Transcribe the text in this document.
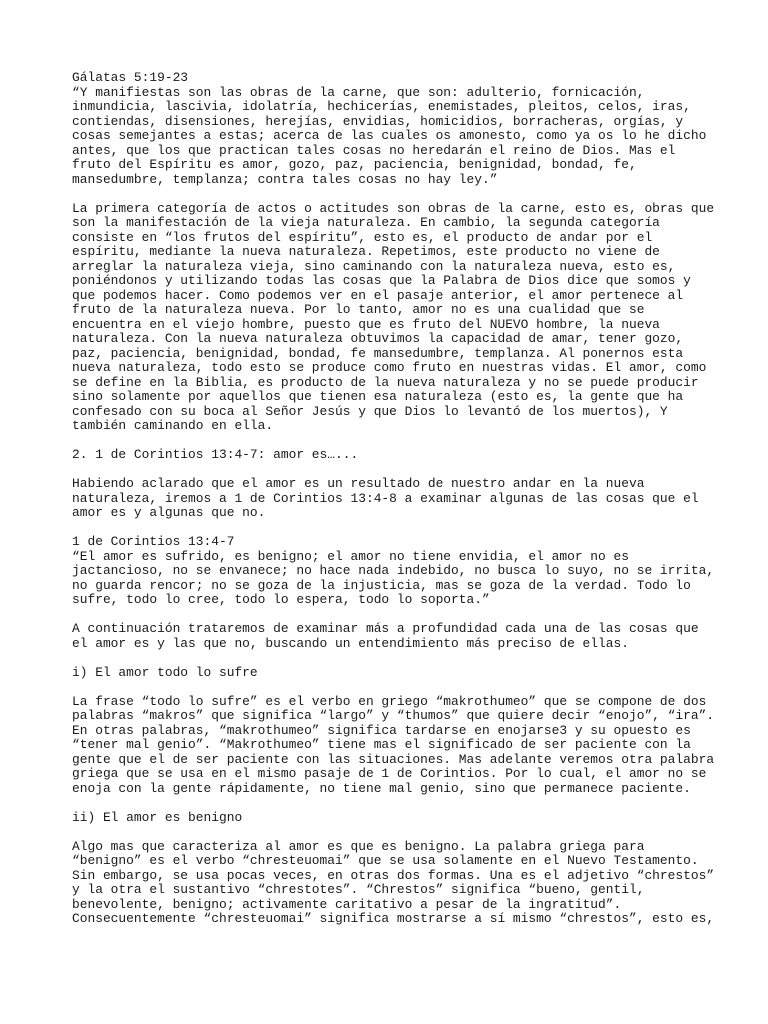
Gálatas 5:19-23
“Y manifiestas son las obras de la carne, que son: adulterio, fornicación,
inmundicia, lascivia, idolatría, hechicerías, enemistades, pleitos, celos, iras,
contiendas, disensiones, herejías, envidias, homicidios, borracheras, orgías, y
cosas semejantes a estas; acerca de las cuales os amonesto, como ya os lo he dicho
antes, que los que practican tales cosas no heredarán el reino de Dios. Mas el
fruto del Espíritu es amor, gozo, paz, paciencia, benignidad, bondad, fe,
mansedumbre, templanza; contra tales cosas no hay ley.”
La primera categoría de actos o actitudes son obras de la carne, esto es, obras que
son la manifestación de la vieja naturaleza. En cambio, la segunda categoría
consiste en “los frutos del espíritu”, esto es, el producto de andar por el
espíritu, mediante la nueva naturaleza. Repetimos, este producto no viene de
arreglar la naturaleza vieja, sino caminando con la naturaleza nueva, esto es,
poniéndonos y utilizando todas las cosas que la Palabra de Dios dice que somos y
que podemos hacer. Como podemos ver en el pasaje anterior, el amor pertenece al
fruto de la naturaleza nueva. Por lo tanto, amor no es una cualidad que se
encuentra en el viejo hombre, puesto que es fruto del NUEVO hombre, la nueva
naturaleza. Con la nueva naturaleza obtuvimos la capacidad de amar, tener gozo,
paz, paciencia, benignidad, bondad, fe mansedumbre, templanza. Al ponernos esta
nueva naturaleza, todo esto se produce como fruto en nuestras vidas. El amor, como
se define en la Biblia, es producto de la nueva naturaleza y no se puede producir
sino solamente por aquellos que tienen esa naturaleza (esto es, la gente que ha
confesado con su boca al Señor Jesús y que Dios lo levantó de los muertos), Y
también caminando en ella.
2. 1 de Corintios 13:4-7: amor es…...
Habiendo aclarado que el amor es un resultado de nuestro andar en la nueva
naturaleza, iremos a 1 de Corintios 13:4-8 a examinar algunas de las cosas que el
amor es y algunas que no.
1 de Corintios 13:4-7
“El amor es sufrido, es benigno; el amor no tiene envidia, el amor no es
jactancioso, no se envanece; no hace nada indebido, no busca lo suyo, no se irrita,
no guarda rencor; no se goza de la injusticia, mas se goza de la verdad. Todo lo
sufre, todo lo cree, todo lo espera, todo lo soporta.”
A continuación trataremos de examinar más a profundidad cada una de las cosas que
el amor es y las que no, buscando un entendimiento más preciso de ellas.
i) El amor todo lo sufre
La frase “todo lo sufre” es el verbo en griego “makrothumeo” que se compone de dos
palabras “makros” que significa “largo” y “thumos” que quiere decir “enojo”, “ira”.
En otras palabras, “makrothumeo” significa tardarse en enojarse3 y su opuesto es
“tener mal genio”. “Makrothumeo” tiene mas el significado de ser paciente con la
gente que el de ser paciente con las situaciones. Mas adelante veremos otra palabra
griega que se usa en el mismo pasaje de 1 de Corintios. Por lo cual, el amor no se
enoja con la gente rápidamente, no tiene mal genio, sino que permanece paciente.
ii) El amor es benigno
Algo mas que caracteriza al amor es que es benigno. La palabra griega para
“benigno” es el verbo “chresteuomai” que se usa solamente en el Nuevo Testamento.
Sin embargo, se usa pocas veces, en otras dos formas. Una es el adjetivo “chrestos”
y la otra el sustantivo “chrestotes”. “Chrestos” significa “bueno, gentil,
benevolente, benigno; activamente caritativo a pesar de la ingratitud”.
Consecuentemente “chresteuomai” significa mostrarse a sí mismo “chrestos”, esto es,
